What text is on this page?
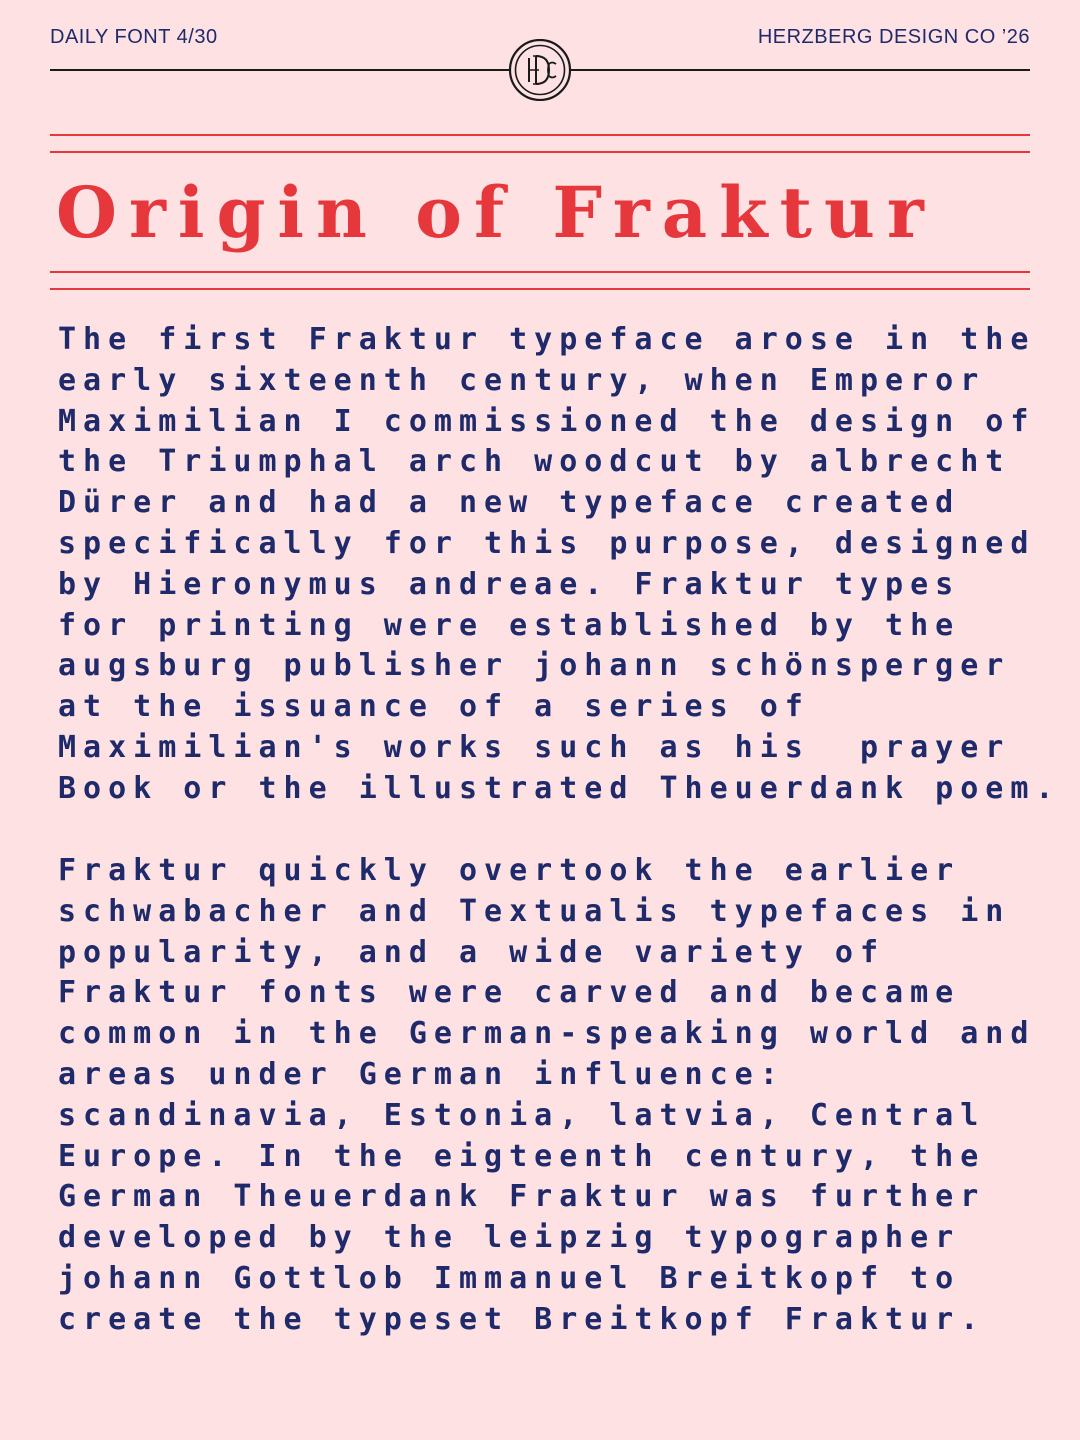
DAILY FONT 4/30	HERZBERG DESIGN CO ’26
Origin of Fraktur
The first Fraktur typeface arose in the
early sixteenth century, when Emperor
Maximilian I commissioned the design of
the Triumphal arch woodcut by albrecht
Dürer and had a new typeface created
specifically for this purpose, designed
by Hieronymus andreae. Fraktur types
for printing were established by the
augsburg publisher johann schönsperger
at the issuance of a series of
Maximilian's works such as his  prayer
Book or the illustrated Theuerdank poem.
Fraktur quickly overtook the earlier
schwabacher and Textualis typefaces in
popularity, and a wide variety of
Fraktur fonts were carved and became
common in the German-speaking world and
areas under German influence:
scandinavia, Estonia, latvia, Central
Europe. In the eigteenth century, the
German Theuerdank Fraktur was further
developed by the leipzig typographer
johann Gottlob Immanuel Breitkopf to
create the typeset Breitkopf Fraktur.
